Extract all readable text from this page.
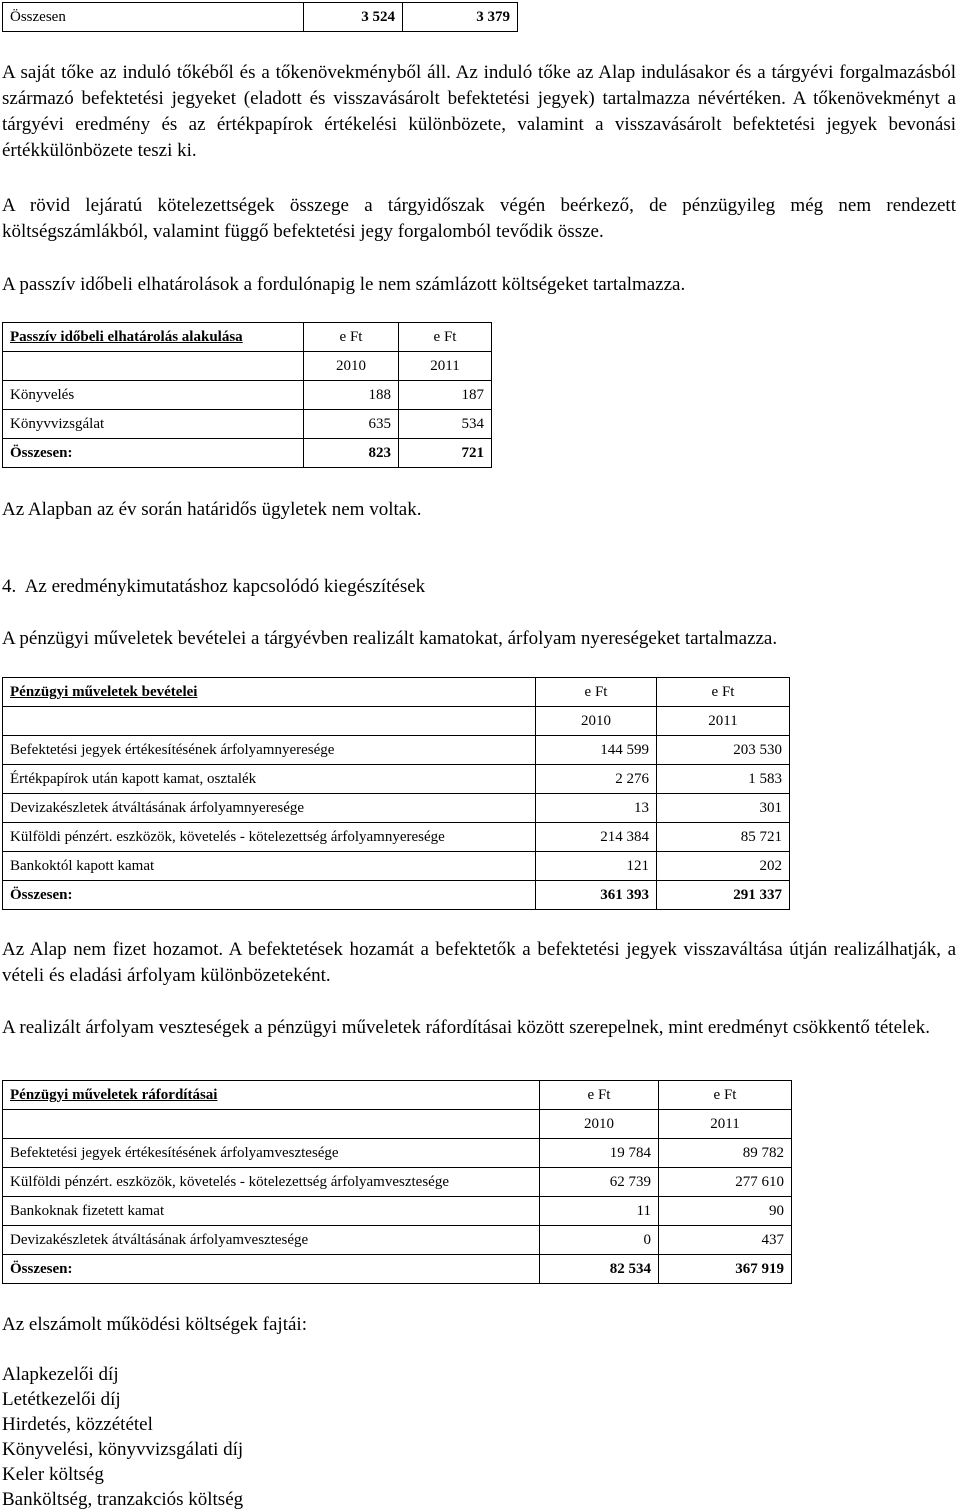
Összesen	3 524	3 379

A saját tőke az induló tőkéből és a tőkenövekményből áll. Az induló tőke az Alap indulásakor és a tárgyévi forgalmazásból származó befektetési jegyeket (eladott és visszavásárolt befektetési jegyek) tartalmazza névértéken. A tőkenövekményt a tárgyévi eredmény és az értékpapírok értékelési különbözete, valamint a visszavásárolt befektetési jegyek bevonási értékkülönbözete teszi ki.

A rövid lejáratú kötelezettségek összege a tárgyidőszak végén beérkező, de pénzügyileg még nem rendezett költségszámlákból, valamint függő befektetési jegy forgalomból tevődik össze.

A passzív időbeli elhatárolások a fordulónapig le nem számlázott költségeket tartalmazza.

Passzív időbeli elhatárolás alakulása	e Ft	e Ft
	2010	2011
Könyvelés	188	187
Könyvvizsgálat	635	534
Összesen:	823	721
Az Alapban az év során határidős ügyletek nem voltak.
4.  Az eredménykimutatáshoz kapcsolódó kiegészítések
A pénzügyi műveletek bevételei a tárgyévben realizált kamatokat, árfolyam nyereségeket tartalmazza.
Pénzügyi műveletek bevételei	e Ft	e Ft
	2010	2011
Befektetési jegyek értékesítésének árfolyamnyeresége	144 599	203 530
Értékpapírok után kapott kamat, osztalék	2 276	1 583
Devizakészletek átváltásának árfolyamnyeresége	13	301
Külföldi pénzért. eszközök, követelés - kötelezettség árfolyamnyeresége	214 384	85 721
Bankoktól kapott kamat	121	202
Összesen:	361 393	291 337

Az Alap nem fizet hozamot. A befektetések hozamát a befektetők a befektetési jegyek visszaváltása útján realizálhatják, a vételi és eladási árfolyam különbözeteként.

A realizált árfolyam veszteségek a pénzügyi műveletek ráfordításai között szerepelnek, mint eredményt csökkentő tételek.

Pénzügyi műveletek ráfordításai	e Ft	e Ft
	2010	2011
Befektetési jegyek értékesítésének árfolyamvesztesége	19 784	89 782
Külföldi pénzért. eszközök, követelés - kötelezettség árfolyamvesztesége	62 739	277 610
Bankoknak fizetett kamat	11	90
Devizakészletek átváltásának árfolyamvesztesége	0	437
Összesen:	82 534	367 919
Az elszámolt működési költségek fajtái:
Alapkezelői díj
Letétkezelői díj
Hirdetés, közzététel
Könyvelési, könyvvizsgálati díj
Keler költség
Banköltség, tranzakciós költség
